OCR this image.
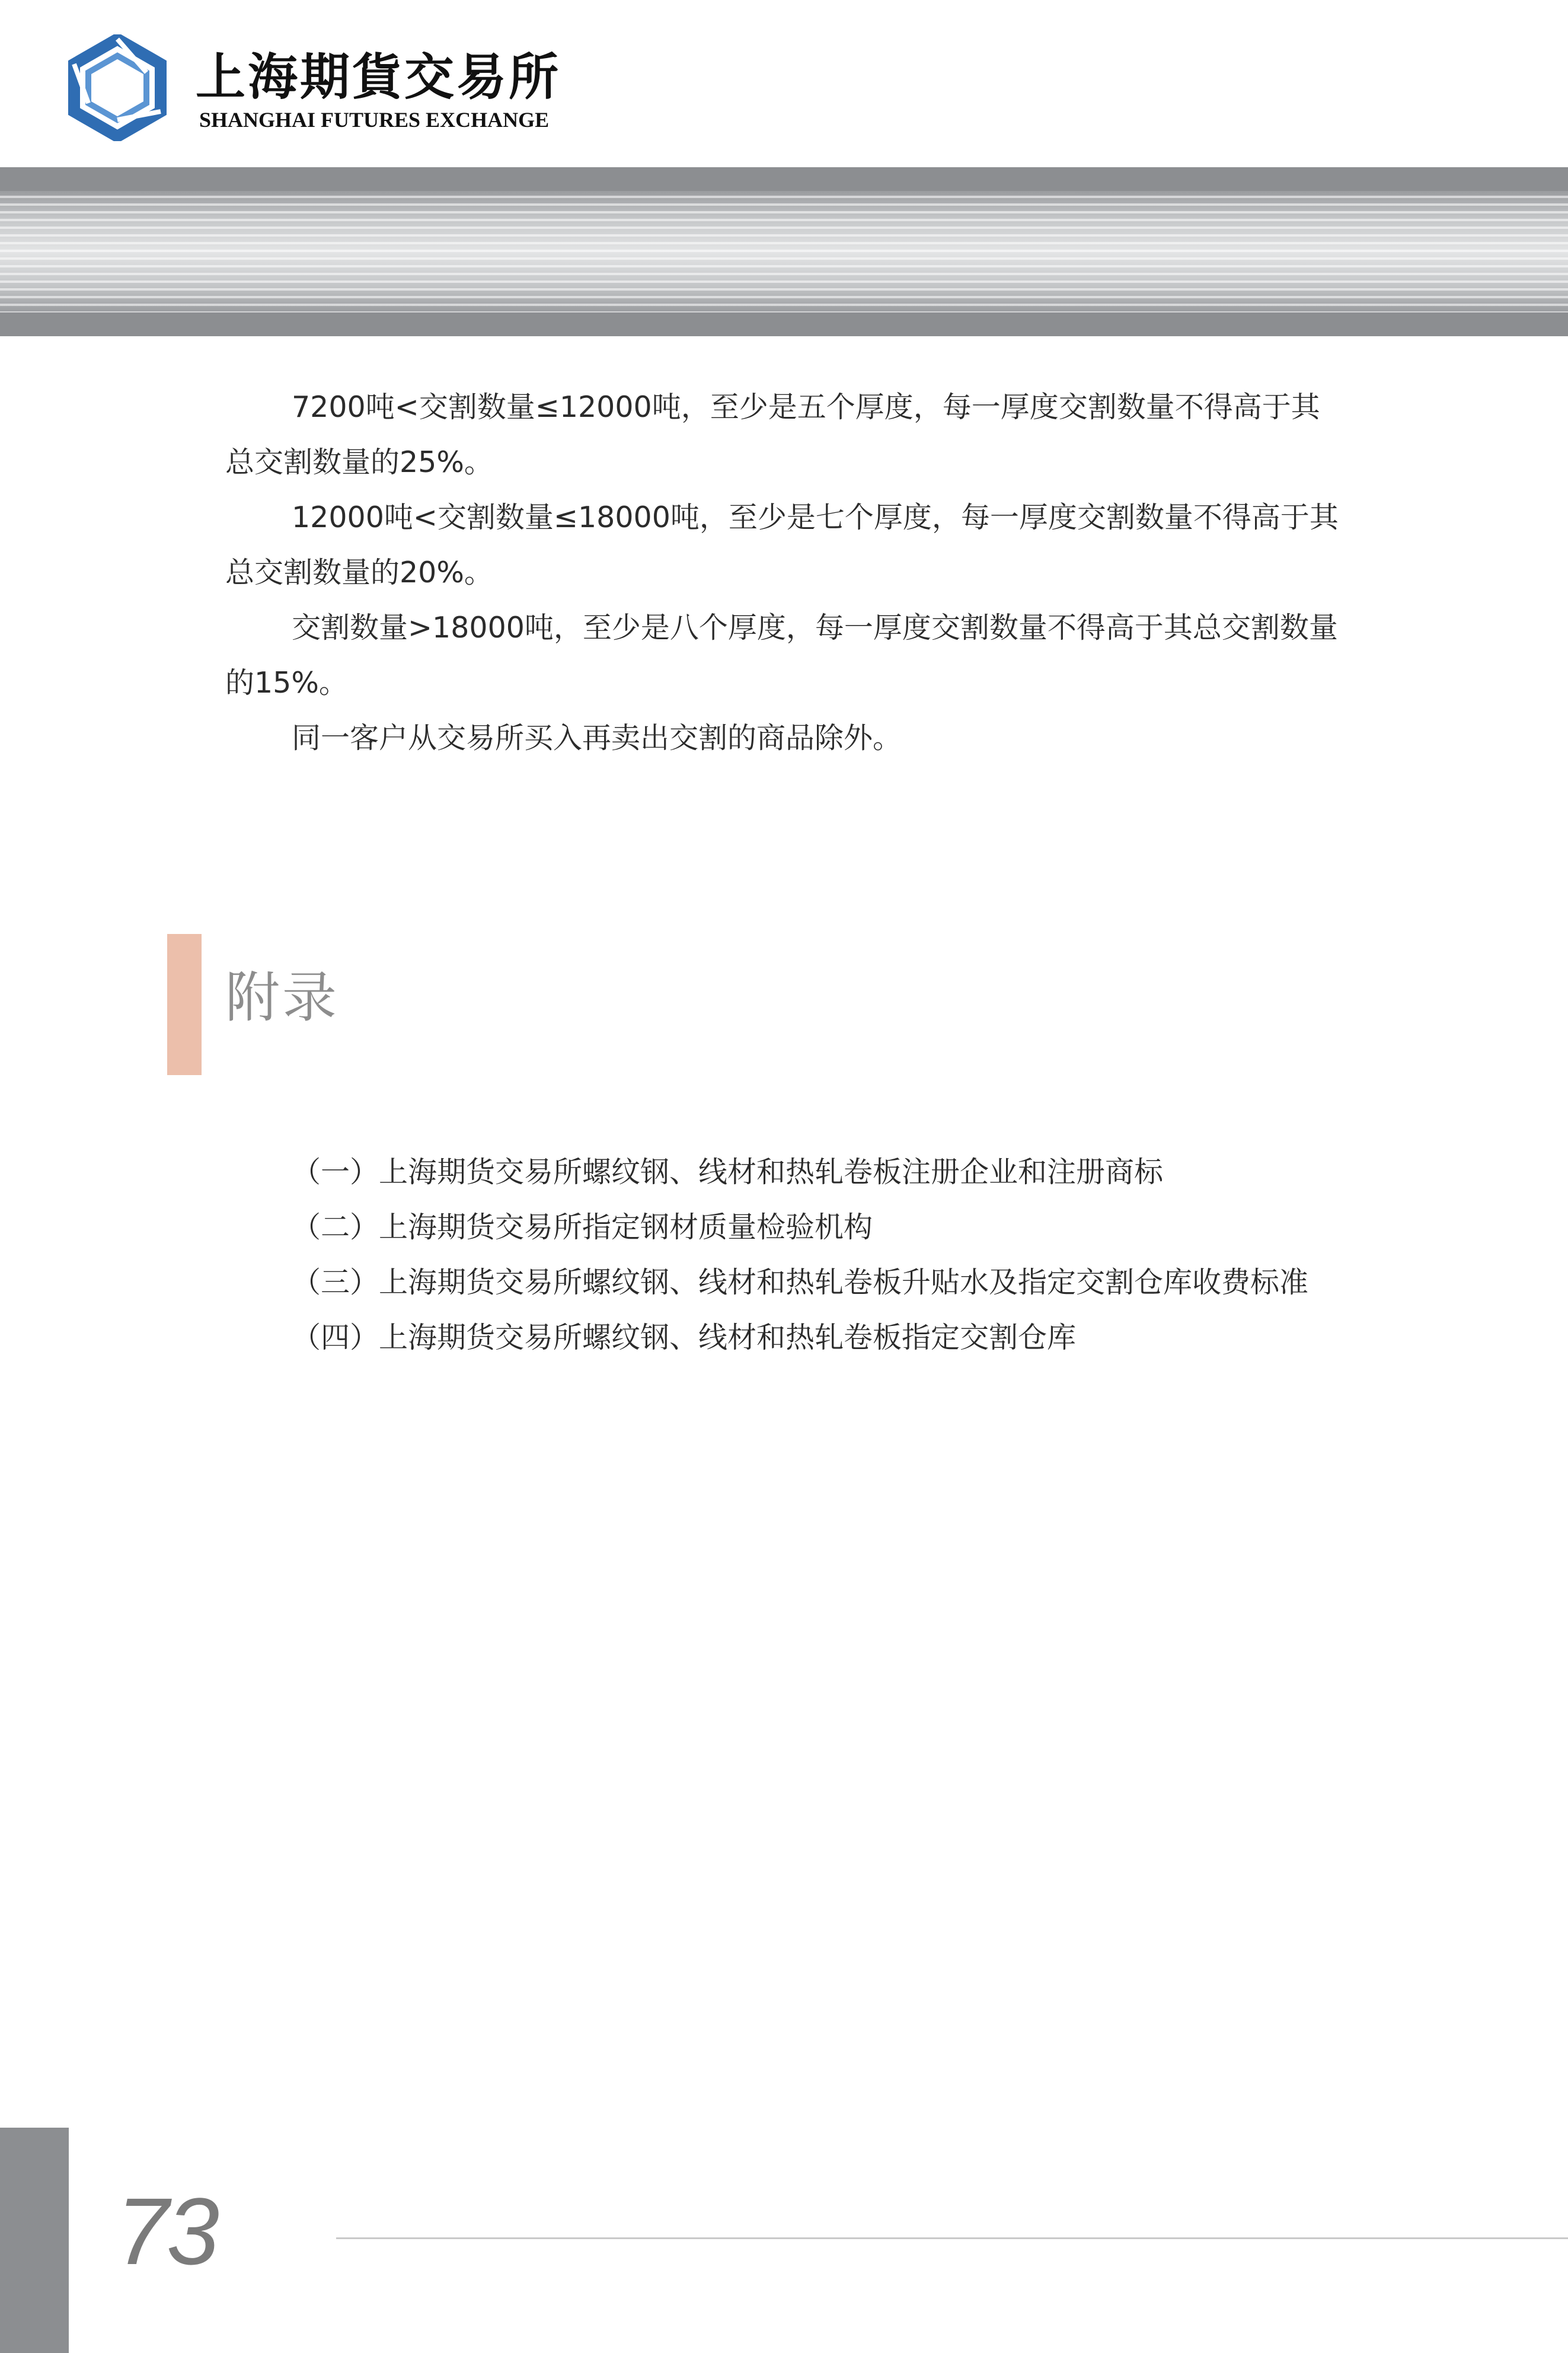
上海期貨交易所
SHANGHAI FUTURES EXCHANGE

7200吨<交割数量≤12000吨，至少是五个厚度，每一厚度交割数量不得高于其总交割数量的25%。

12000吨<交割数量≤18000吨，至少是七个厚度，每一厚度交割数量不得高于其总交割数量的20%。

交割数量>18000吨，至少是八个厚度，每一厚度交割数量不得高于其总交割数量的15%。

同一客户从交易所买入再卖出交割的商品除外。

附录

（一）上海期货交易所螺纹钢、线材和热轧卷板注册企业和注册商标

（二）上海期货交易所指定钢材质量检验机构

（三）上海期货交易所螺纹钢、线材和热轧卷板升贴水及指定交割仓库收费标准

（四）上海期货交易所螺纹钢、线材和热轧卷板指定交割仓库

73
